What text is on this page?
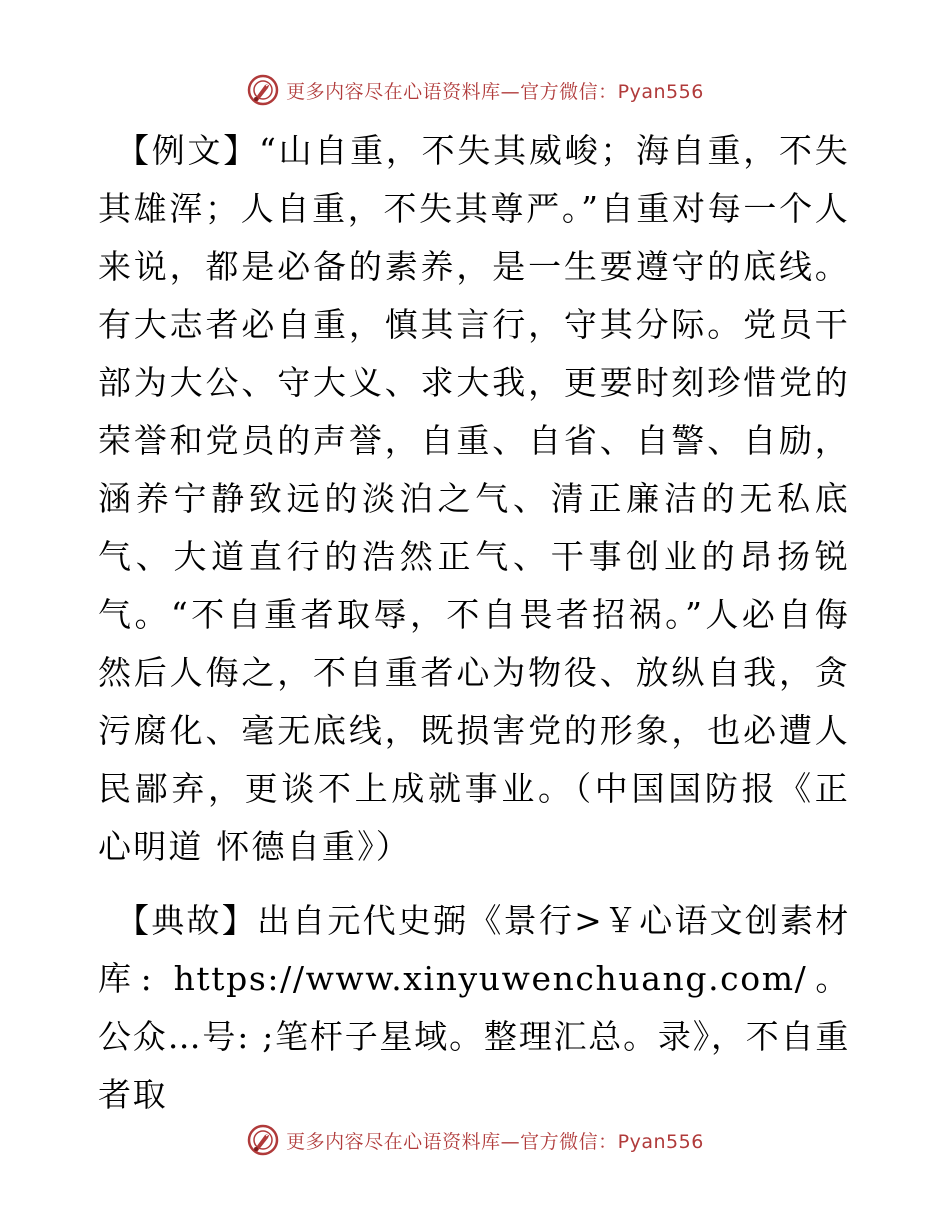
更多内容尽在心语资料库—官方微信：Pyan556

【例文】“山自重，不失其威峻；海自重，不失其雄浑；人自重，不失其尊严。”自重对每一个人来说，都是必备的素养，是一生要遵守的底线。有大志者必自重，慎其言行，守其分际。党员干部为大公、守大义、求大我，更要时刻珍惜党的荣誉和党员的声誉，自重、自省、自警、自励，涵养宁静致远的淡泊之气、清正廉洁的无私底气、大道直行的浩然正气、干事创业的昂扬锐气。“不自重者取辱，不自畏者招祸。”人必自侮然后人侮之，不自重者心为物役、放纵自我，贪污腐化、毫无底线，既损害党的形象，也必遭人民鄙弃，更谈不上成就事业。（中国国防报《正心明道 怀德自重》）

【典故】出自元代史弼《景行>￥心语文创素材库: https://www.xinyuwenchuang.com/。公众…号: ;笔杆子星域。整理汇总。录》，不自重者取

更多内容尽在心语资料库—官方微信：Pyan556
